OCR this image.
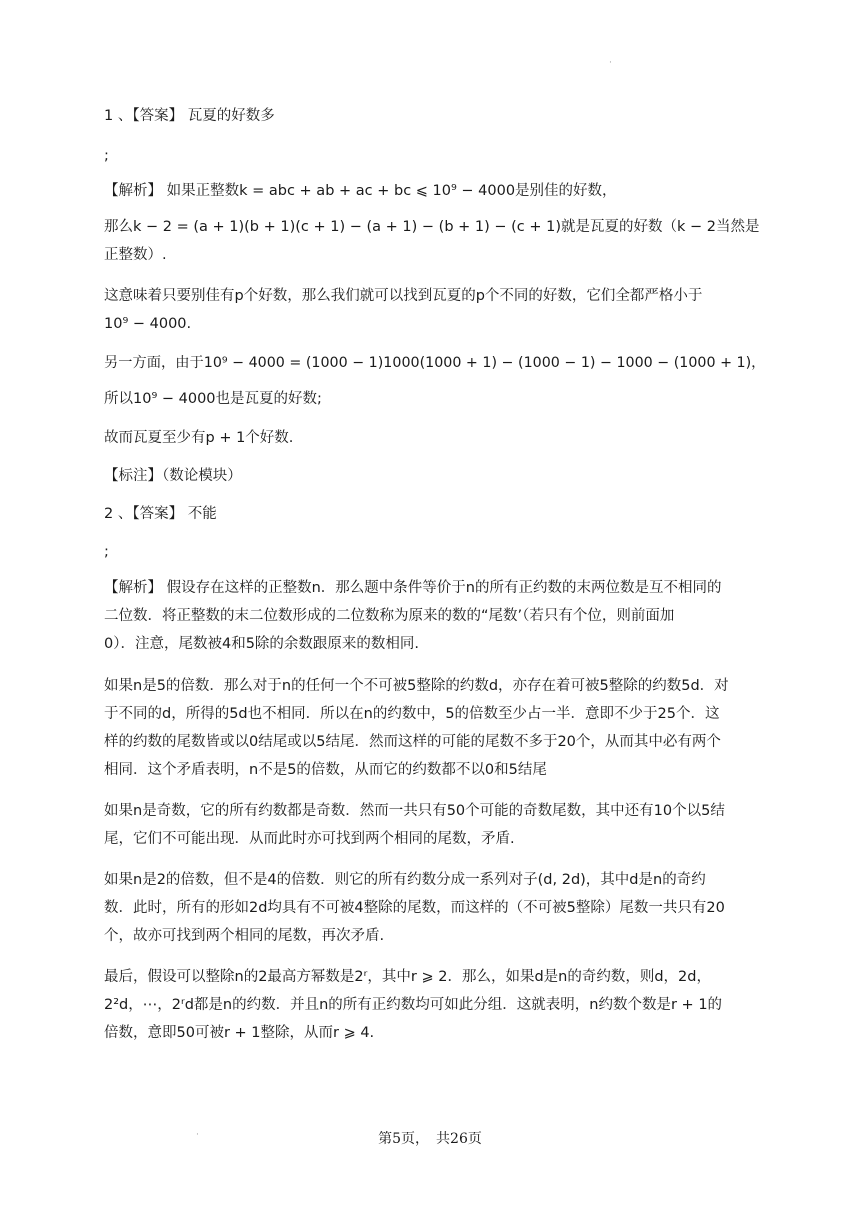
·
1 、【答案】 瓦夏的好数多
;
【解析】 如果正整数k = abc + ab + ac + bc ⩽ 10⁹ − 4000是别佳的好数，
那么k − 2 = (a + 1)(b + 1)(c + 1) − (a + 1) − (b + 1) − (c + 1)就是瓦夏的好数（k − 2当然是
正整数）.
这意味着只要别佳有p个好数，那么我们就可以找到瓦夏的p个不同的好数，它们全都严格小于
10⁹ − 4000.
另一方面，由于10⁹ − 4000 = (1000 − 1)1000(1000 + 1) − (1000 − 1) − 1000 − (1000 + 1)，
所以10⁹ − 4000也是瓦夏的好数;
故而瓦夏至少有p + 1个好数.
【标注】（数论模块）
2 、【答案】 不能
;
【解析】 假设存在这样的正整数n．那么题中条件等价于n的所有正约数的末两位数是互不相同的
二位数．将正整数的末二位数形成的二位数称为原来的数的“尾数’（若只有个位，则前面加
0）．注意，尾数被4和5除的余数跟原来的数相同.
如果n是5的倍数．那么对于n的任何一个不可被5整除的约数d，亦存在着可被5整除的约数5d．对
于不同的d，所得的5d也不相同．所以在n的约数中，5的倍数至少占一半．意即不少于25个．这
样的约数的尾数皆或以0结尾或以5结尾．然而这样的可能的尾数不多于20个，从而其中必有两个
相同．这个矛盾表明，n不是5的倍数，从而它的约数都不以0和5结尾
如果n是奇数，它的所有约数都是奇数．然而一共只有50个可能的奇数尾数，其中还有10个以5结
尾，它们不可能出现．从而此时亦可找到两个相同的尾数，矛盾.
如果n是2的倍数，但不是4的倍数．则它的所有约数分成一系列对子(d, 2d)，其中d是n的奇约
数．此时，所有的形如2d均具有不可被4整除的尾数，而这样的（不可被5整除）尾数一共只有20
个，故亦可找到两个相同的尾数，再次矛盾.
最后，假设可以整除n的2最高方幂数是2ʳ，其中r ⩾ 2．那么，如果d是n的奇约数，则d，2d，
2²d，⋯，2ʳd都是n的约数．并且n的所有正约数均可如此分组．这就表明，n约数个数是r + 1的
倍数，意即50可被r + 1整除，从而r ⩾ 4.
·	第5页，　共26页
